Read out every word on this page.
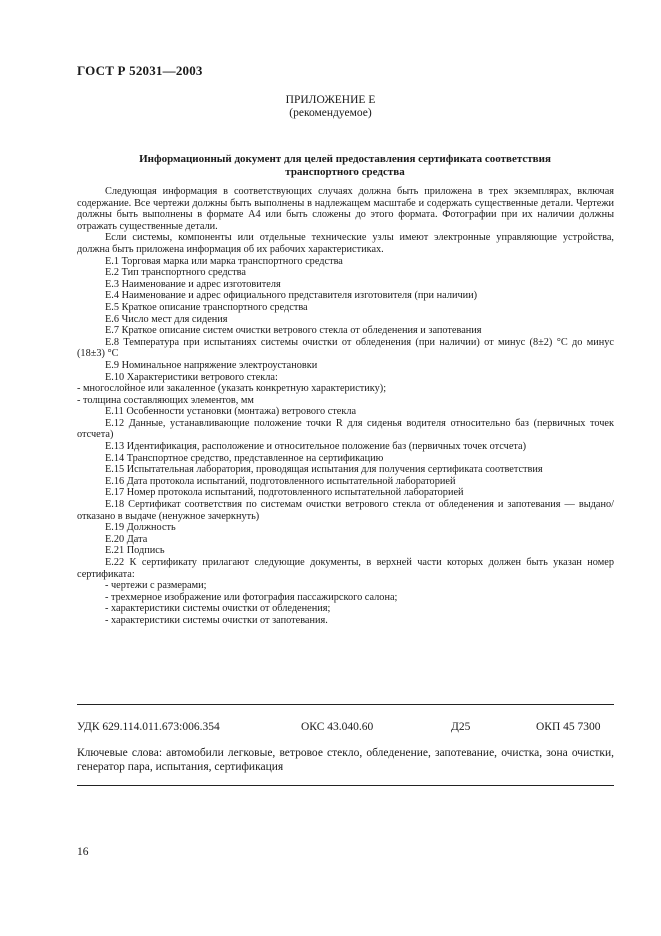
ГОСТ Р 52031—2003
ПРИЛОЖЕНИЕ Е
(рекомендуемое)
Информационный документ для целей предоставления сертификата соответствия транспортного средства

Следующая информация в соответствующих случаях должна быть приложена в трех экземплярах, включая содержание. Все чертежи должны быть выполнены в надлежащем масштабе и содержать существенные детали. Чертежи должны быть выполнены в формате А4 или быть сложены до этого формата. Фотографии при их наличии должны отражать существенные детали.

Если системы, компоненты или отдельные технические узлы имеют электронные управляющие устройства, должна быть приложена информация об их рабочих характеристиках.

Е.1 Торговая марка или марка транспортного средства

Е.2 Тип транспортного средства

Е.3 Наименование и адрес изготовителя

Е.4 Наименование и адрес официального представителя изготовителя (при наличии)

Е.5 Краткое описание транспортного средства

Е.6 Число мест для сидения

Е.7 Краткое описание систем очистки ветрового стекла от обледенения и запотевания

Е.8 Температура при испытаниях системы очистки от обледенения (при наличии) от минус (8±2) °С до минус (18±3) °С

Е.9 Номинальное напряжение электроустановки

Е.10 Характеристики ветрового стекла:

- многослойное или закаленное (указать конкретную характеристику);

- толщина составляющих элементов, мм

Е.11 Особенности установки (монтажа) ветрового стекла

Е.12 Данные, устанавливающие положение точки R для сиденья водителя относительно баз (первичных точек отсчета)

Е.13 Идентификация, расположение и относительное положение баз (первичных точек отсчета)

Е.14 Транспортное средство, представленное на сертификацию

Е.15 Испытательная лаборатория, проводящая испытания для получения сертификата соответствия

Е.16 Дата протокола испытаний, подготовленного испытательной лабораторией

Е.17 Номер протокола испытаний, подготовленного испытательной лабораторией

Е.18 Сертификат соответствия по системам очистки ветрового стекла от обледенения и запотевания — выдано/отказано в выдаче (ненужное зачеркнуть)

Е.19 Должность

Е.20 Дата

Е.21 Подпись

Е.22 К сертификату прилагают следующие документы, в верхней части которых должен быть указан номер сертификата:

- чертежи с размерами;

- трехмерное изображение или фотография пассажирского салона;

- характеристики системы очистки от обледенения;

- характеристики системы очистки от запотевания.

УДК 629.114.011.673:006.354	ОКС 43.040.60	Д25	ОКП 45 7300
Ключевые слова: автомобили легковые, ветровое стекло, обледенение, запотевание, очистка, зона очистки, генератор пара, испытания, сертификация
16
